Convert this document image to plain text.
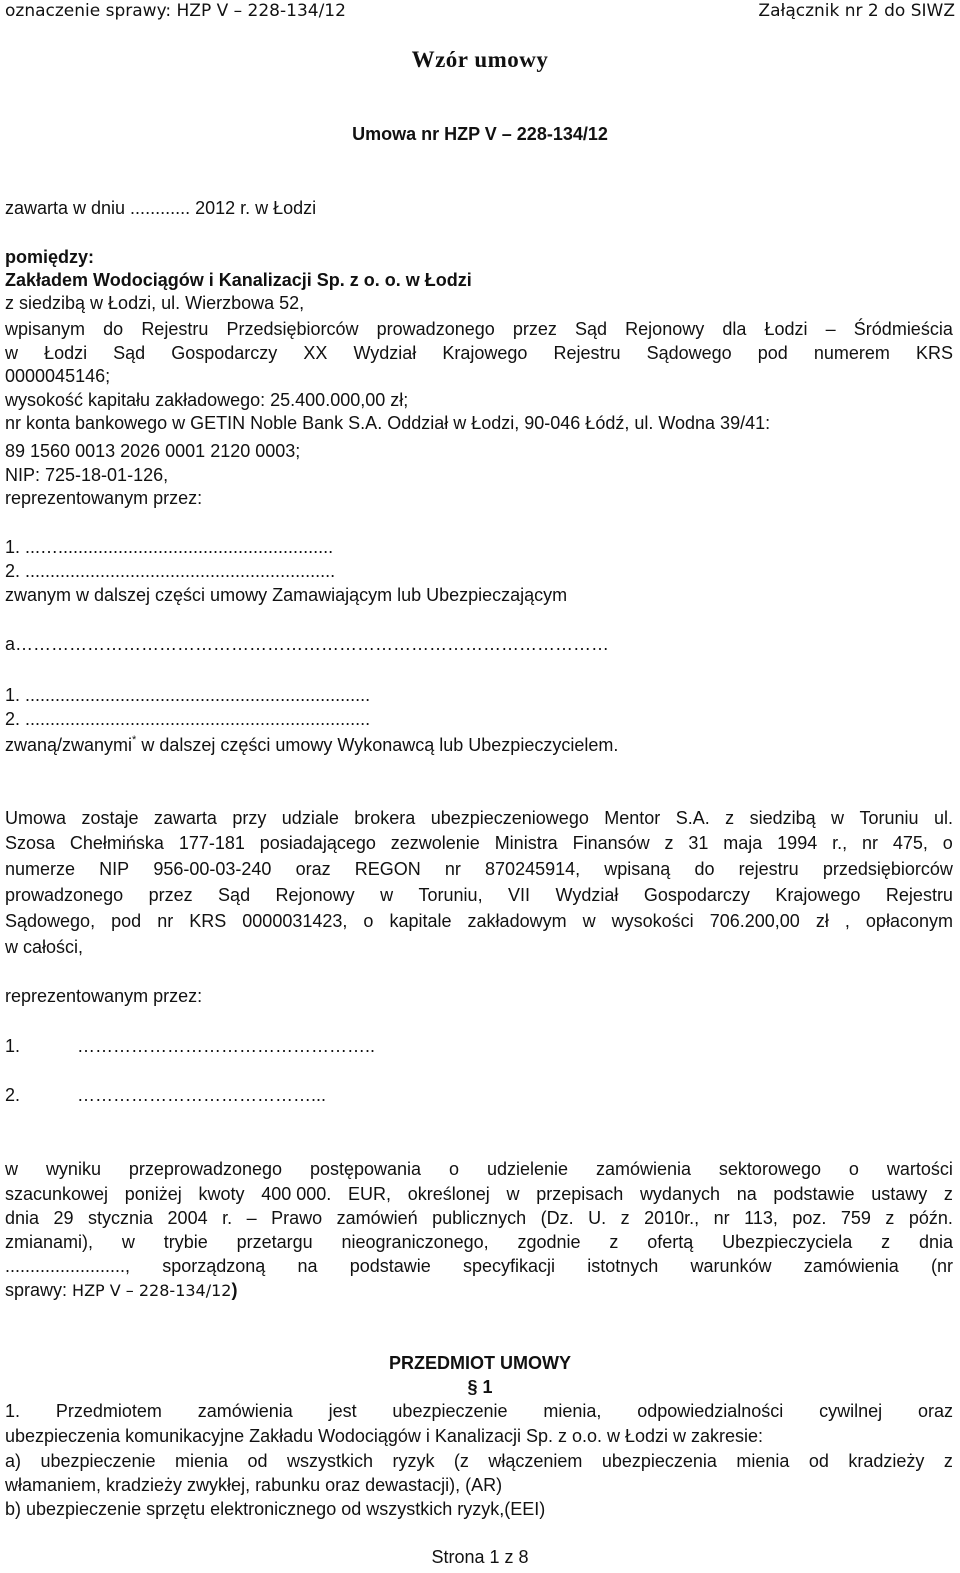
oznaczenie sprawy: HZP V – 228-134/12	Załącznik nr 2 do SIWZ
Wzór umowy
Umowa nr HZP V – 228-134/12
zawarta w dniu ............ 2012 r. w Łodzi
pomiędzy:
Zakładem Wodociągów i Kanalizacji Sp. z o. o. w Łodzi
z siedzibą w Łodzi, ul. Wierzbowa 52,
wpisanym do Rejestru Przedsiębiorców prowadzonego przez Sąd Rejonowy dla Łodzi – Śródmieścia
w Łodzi Sąd Gospodarczy XX Wydział Krajowego Rejestru Sądowego pod numerem KRS
0000045146;
wysokość kapitału zakładowego: 25.400.000,00 zł;
nr konta bankowego w GETIN Noble Bank S.A. Oddział w Łodzi, 90-046 Łódź, ul. Wodna 39/41:
89 1560 0013 2026 0001 2120 0003;
NIP: 725-18-01-126,
reprezentowanym przez:
1. ...….......................................................
2. ..............................................................
zwanym w dalszej części umowy Zamawiającym lub Ubezpieczającym
a………………………………………………………………………………………
1. .....................................................................
2. .....................................................................
zwaną/zwanymi* w dalszej części umowy Wykonawcą lub Ubezpieczycielem.
Umowa zostaje zawarta przy udziale brokera ubezpieczeniowego Mentor S.A. z siedzibą w Toruniu ul.
Szosa Chełmińska 177-181 posiadającego zezwolenie Ministra Finansów z 31 maja 1994 r., nr 475, o
numerze NIP 956-00-03-240 oraz REGON nr 870245914, wpisaną do rejestru przedsiębiorców
prowadzonego przez Sąd Rejonowy w Toruniu, VII Wydział Gospodarczy Krajowego Rejestru
Sądowego, pod nr KRS 0000031423, o kapitale zakładowym w wysokości 706.200,00 zł , opłaconym
w całości,
reprezentowanym przez:
1.	…………………………………………..
2.	…………………………………...
w wyniku przeprowadzonego postępowania o udzielenie zamówienia sektorowego o wartości
szacunkowej poniżej kwoty 400 000. EUR, określonej w przepisach wydanych na podstawie ustawy z
dnia 29 stycznia 2004 r. – Prawo zamówień publicznych (Dz. U. z 2010r., nr 113, poz. 759 z późn.
zmianami), w trybie przetargu nieograniczonego, zgodnie z ofertą Ubezpieczyciela z dnia
........................, sporządzoną na podstawie specyfikacji istotnych warunków zamówienia (nr
sprawy: HZP V – 228-134/12)
PRZEDMIOT UMOWY
§ 1
1. Przedmiotem zamówienia jest ubezpieczenie mienia, odpowiedzialności cywilnej oraz
ubezpieczenia komunikacyjne Zakładu Wodociągów i Kanalizacji Sp. z o.o. w Łodzi w zakresie:
a) ubezpieczenie mienia od wszystkich ryzyk (z włączeniem ubezpieczenia mienia od kradzieży z
włamaniem, kradzieży zwykłej, rabunku oraz dewastacji), (AR)
b) ubezpieczenie sprzętu elektronicznego od wszystkich ryzyk,(EEI)
Strona 1 z 8
